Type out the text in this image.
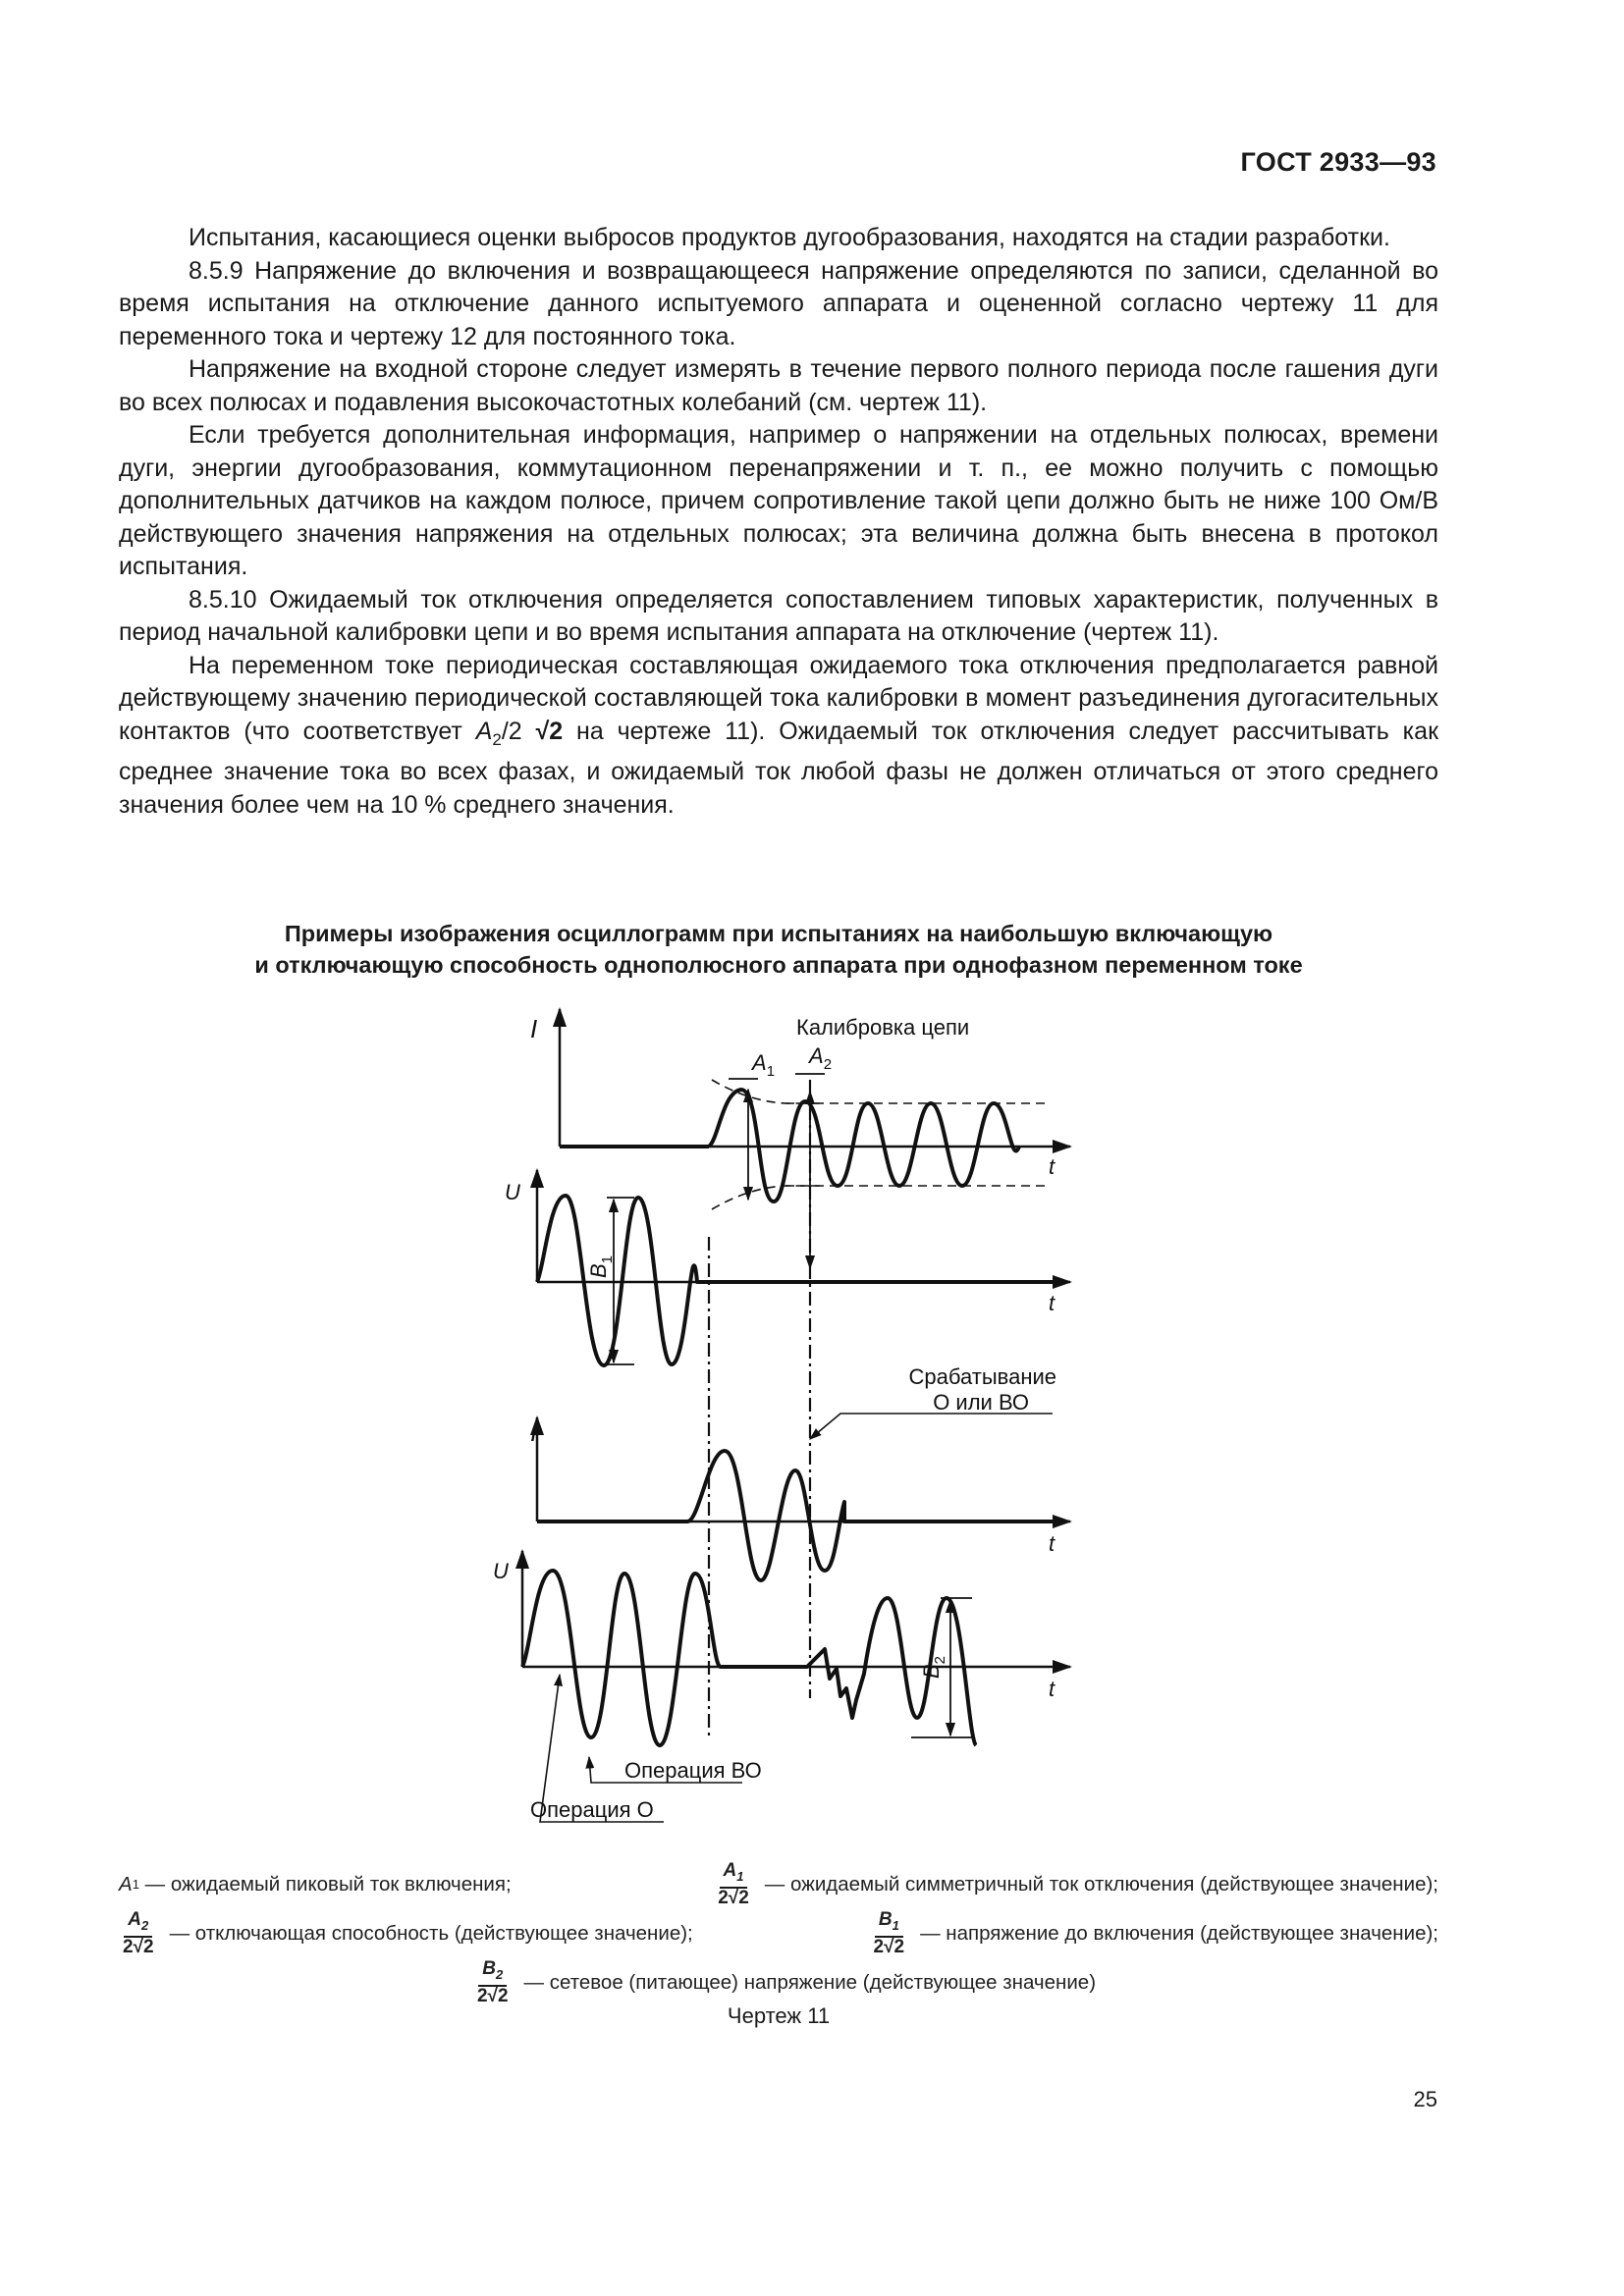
ГОСТ 2933—93

Испытания, касающиеся оценки выбросов продуктов дугообразования, находятся на стадии разработки.

8.5.9 Напряжение до включения и возвращающееся напряжение определяются по записи, сделанной во время испытания на отключение данного испытуемого аппарата и оцененной согласно чертежу 11 для переменного тока и чертежу 12 для постоянного тока.

Напряжение на входной стороне следует измерять в течение первого полного периода после гашения дуги во всех полюсах и подавления высокочастотных колебаний (см. чертеж 11).

Если требуется дополнительная информация, например о напряжении на отдельных полюсах, времени дуги, энергии дугообразования, коммутационном перенапряжении и т. п., ее можно получить с помощью дополнительных датчиков на каждом полюсе, причем сопротивление такой цепи должно быть не ниже 100 Ом/В действующего значения напряжения на отдельных полюсах; эта величина должна быть внесена в протокол испытания.

8.5.10 Ожидаемый ток отключения определяется сопоставлением типовых характеристик, полученных в период начальной калибровки цепи и во время испытания аппарата на отключение (чертеж 11).

На переменном токе периодическая составляющая ожидаемого тока отключения предполагается равной действующему значению периодической составляющей тока калибровки в момент разъединения дугогасительных контактов (что соответствует $A_2/2$ √2 на чертеже 11). Ожидаемый ток отключения следует рассчитывать как среднее значение тока во всех фазах, и ожидаемый ток любой фазы не должен отличаться от этого среднего значения более чем на 10 % среднего значения.

Примеры изображения осциллограмм при испытаниях на наибольшую включающую
и отключающую способность однополюсного аппарата при однофазном переменном токе
I
U
I
U
t
t
t
t
$A_1$
Калибровка цепи
$A_2$
$B_1$
$B_2$
Срабатывание
О или ВО
Операция ВО
Операция О
A 1
— ожидаемый пиковый ток включения;	$\frac{A_1}{2√2}$ — ожидаемый симметричный ток отключения (действующее значение);
$\frac{A_2}{2√2}$ — отключающая способность (действующее значение);	$\frac{B_1}{2√2}$ — напряжение до включения (действующее значение);
$\frac{B_2}{2√2}$ — сетевое (питающее) напряжение (действующее значение)
Чертеж 11
25
